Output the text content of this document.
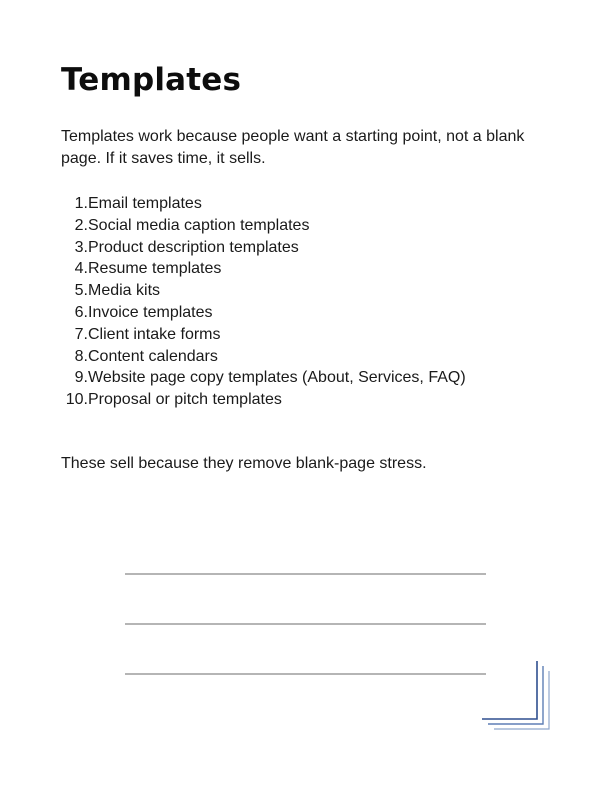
Templates

Templates work because people want a starting point, not a blank page. If it saves time, it sells.

1. Email templates
2. Social media caption templates
3. Product description templates
4. Resume templates
5. Media kits
6. Invoice templates
7. Client intake forms
8. Content calendars
9. Website page copy templates (About, Services, FAQ)
10. Proposal or pitch templates

These sell because they remove blank-page stress.
